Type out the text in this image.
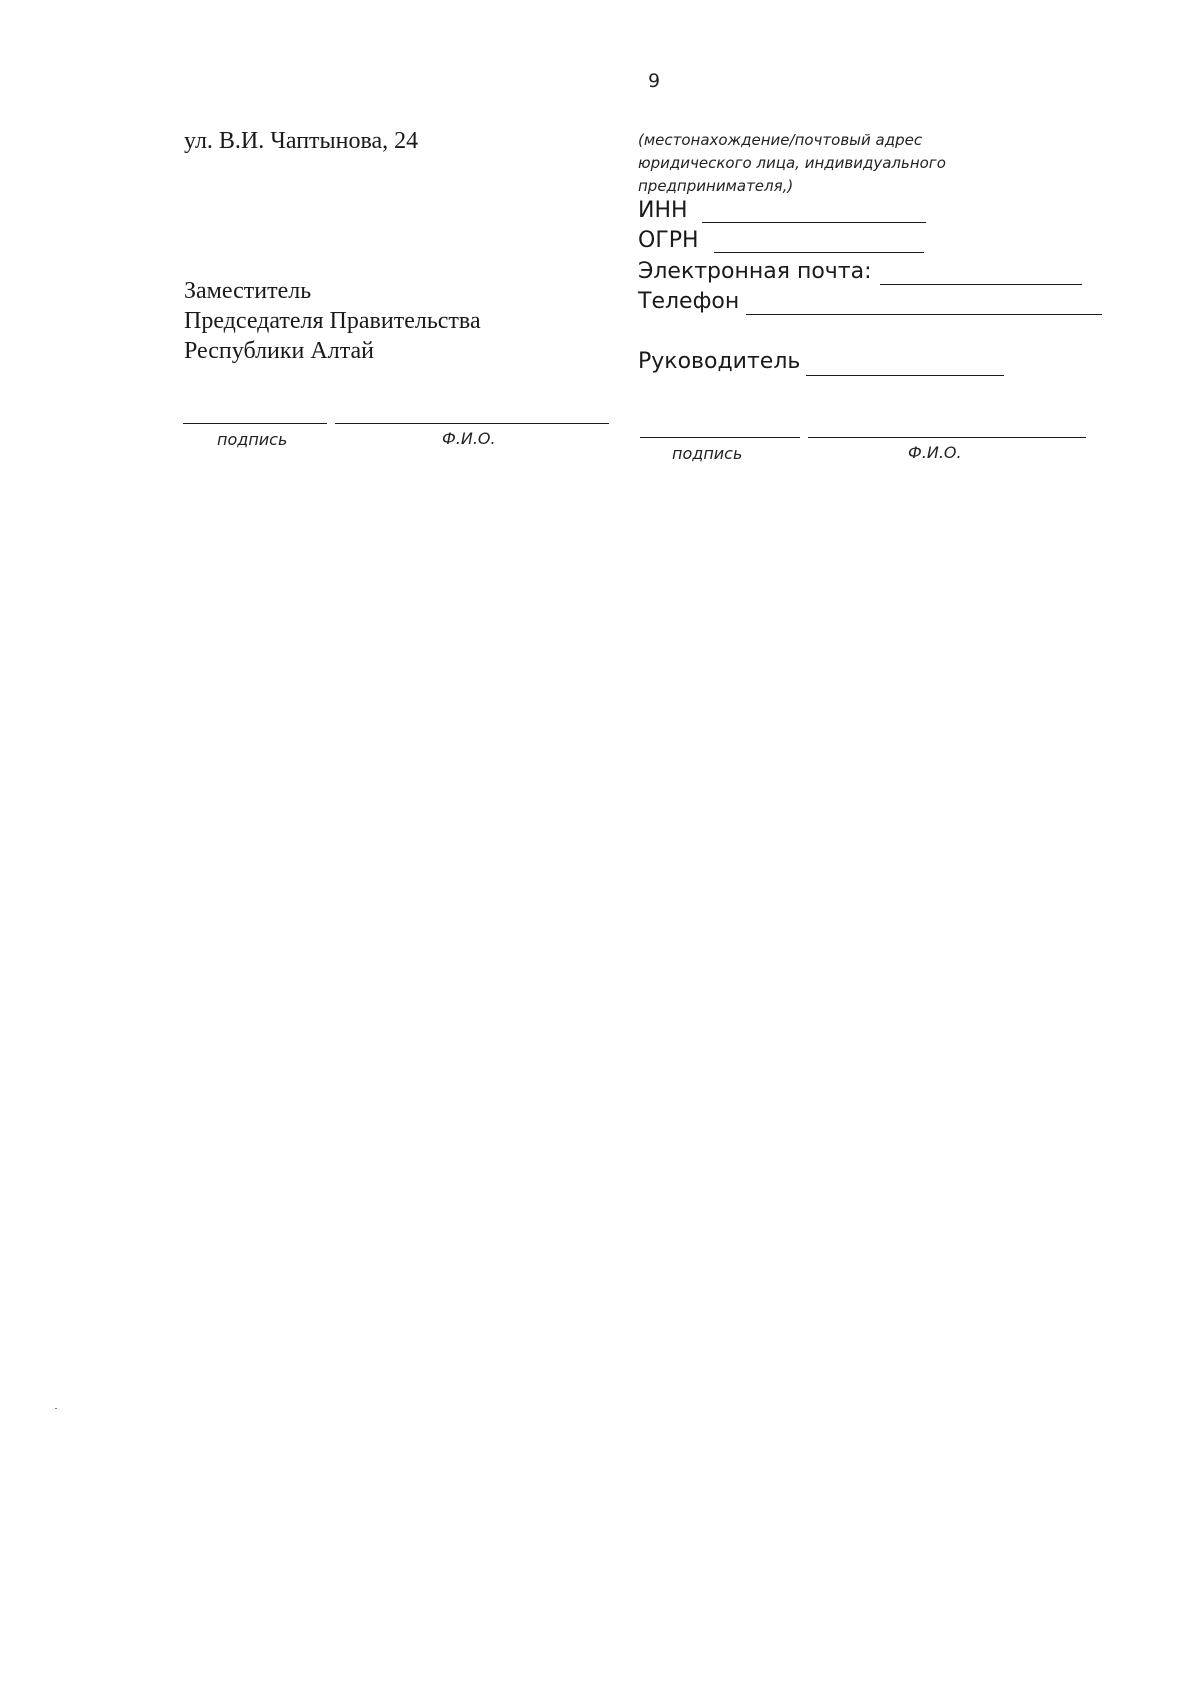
9
ул. В.И. Чаптынова, 24
Заместитель
Председателя Правительства
Республики Алтай
подпись	Ф.И.О.
(местонахождение/почтовый адрес
юридического лица, индивидуального
предпринимателя,)
ИНН
ОГРН
Электронная почта:
Телефон
Руководитель
подпись	Ф.И.О.
